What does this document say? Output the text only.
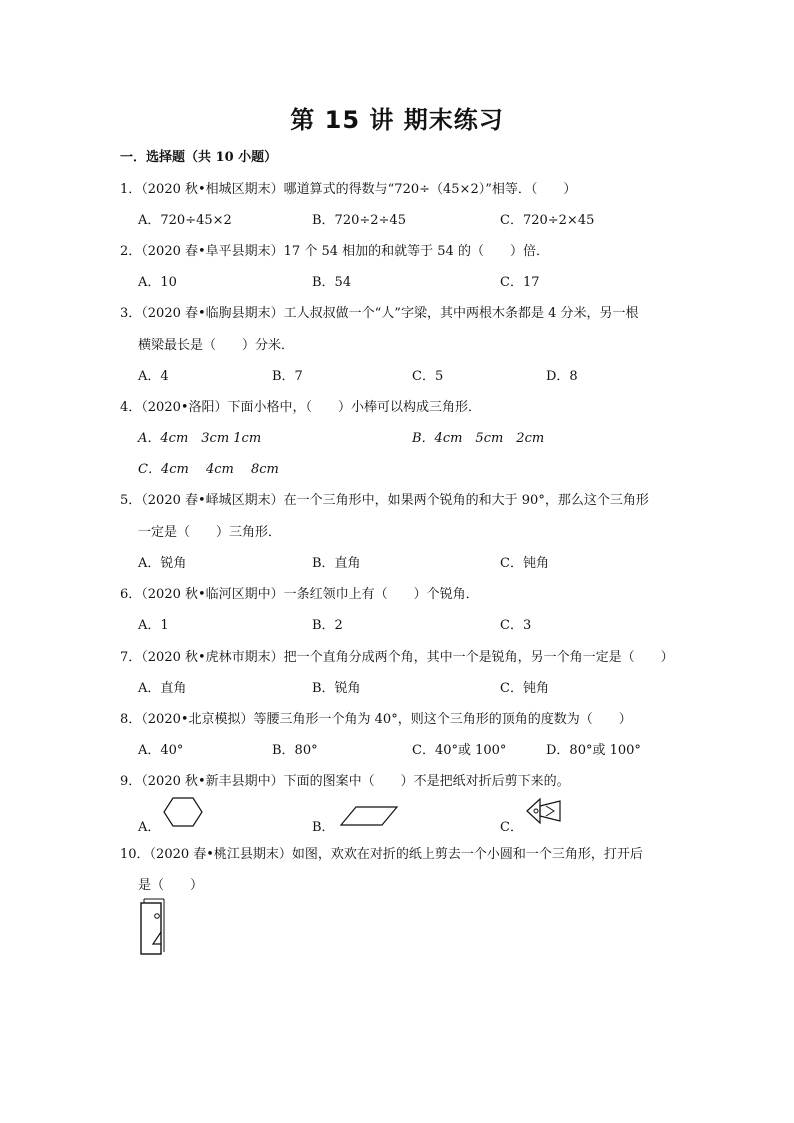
第 15 讲 期末练习
一．选择题（共 10 小题）
1．（2020 秋•相城区期末）哪道算式的得数与“720÷（45×2）”相等．（　　）
A．720÷45×2	B．720÷2÷45	C．720÷2×45
2．（2020 春•阜平县期末）17 个 54 相加的和就等于 54 的（　　）倍．
A．10	B．54	C．17
3．（2020 春•临朐县期末）工人叔叔做一个“人”字梁，其中两根木条都是 4 分米，另一根
横梁最长是（　　）分米．
A．4	B．7	C．5	D．8
4．（2020•洛阳）下面小格中，（　　）小棒可以构成三角形．
A．4cm　3cm 1cm	B．4cm　5cm　2cm
C．4cm　 4cm　 8cm
5．（2020 春•峄城区期末）在一个三角形中，如果两个锐角的和大于 90°，那么这个三角形
一定是（　　）三角形．
A．锐角	B．直角	C．钝角
6．（2020 秋•临河区期中）一条红领巾上有（　　）个锐角．
A．1	B．2	C．3
7．（2020 秋•虎林市期末）把一个直角分成两个角，其中一个是锐角，另一个角一定是（　　）
A．直角	B．锐角	C．钝角
8．（2020•北京模拟）等腰三角形一个角为 40°，则这个三角形的顶角的度数为（　　）
A．40°	B．80°	C．40°或 100°	D．80°或 100°
9．（2020 秋•新丰县期中）下面的图案中（　　）不是把纸对折后剪下来的。
A．	B．	C．
10．（2020 春•桃江县期末）如图，欢欢在对折的纸上剪去一个小圆和一个三角形，打开后
是（　　）
